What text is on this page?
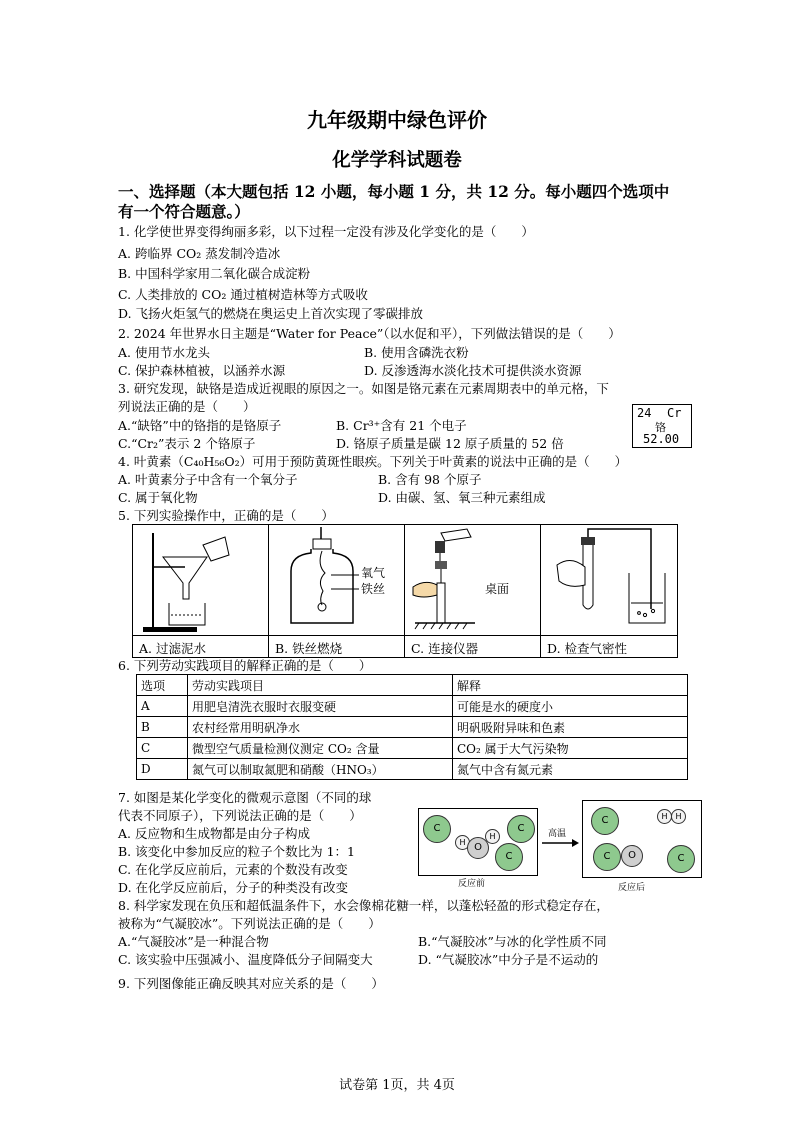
九年级期中绿色评价
化学学科试题卷
一、选择题（本大题包括 12 小题，每小题 1 分，共 12 分。每小题四个选项中
有一个符合题意。）
1. 化学使世界变得绚丽多彩，以下过程一定没有涉及化学变化的是（　　）
A. 跨临界 CO₂ 蒸发制冷造冰
B. 中国科学家用二氧化碳合成淀粉
C. 人类排放的 CO₂ 通过植树造林等方式吸收
D. 飞扬火炬氢气的燃烧在奥运史上首次实现了零碳排放
2. 2024 年世界水日主题是“Water for Peace”（以水促和平），下列做法错误的是（　　）
A. 使用节水龙头	B. 使用含磷洗衣粉
C. 保护森林植被，以涵养水源	D. 反渗透海水淡化技术可提供淡水资源
3. 研究发现，缺铬是造成近视眼的原因之一。如图是铬元素在元素周期表中的单元格，下
列说法正确的是（　　）
A.“缺铬”中的铬指的是铬原子	B. Cr³⁺含有 21 个电子
C.“Cr₂”表示 2 个铬原子	D. 铬原子质量是碳 12 原子质量的 52 倍
24 Cr
铬
52.00
4. 叶黄素（C₄₀H₅₆O₂）可用于预防黄斑性眼疾。下列关于叶黄素的说法中正确的是（　　）
A. 叶黄素分子中含有一个氧分子	B. 含有 98 个原子
C. 属于氧化物	D. 由碳、氢、氧三种元素组成
5. 下列实验操作中，正确的是（　　）
氧气
铁丝	桌面
A. 过滤泥水	B. 铁丝燃烧	C. 连接仪器	D. 检查气密性
6. 下列劳动实践项目的解释正确的是（　　）
选项	劳动实践项目	解释
A	用肥皂清洗衣服时衣服变硬	可能是水的硬度小
B	农村经常用明矾净水	明矾吸附异味和色素
C	微型空气质量检测仪测定 CO₂ 含量	CO₂ 属于大气污染物
D	氮气可以制取氮肥和硝酸（HNO₃）	氮气中含有氮元素
7. 如图是某化学变化的微观示意图（不同的球
代表不同原子），下列说法正确的是（　　）
A. 反应物和生成物都是由分子构成
B. 该变化中参加反应的粒子个数比为 1：1
C. 在化学反应前后，元素的个数没有改变
D. 在化学反应前后，分子的种类没有改变
C
H O
H
C
C
反应前
高温
C	H H
C	O	C
反应后
8. 科学家发现在负压和超低温条件下，水会像棉花糖一样，以蓬松轻盈的形式稳定存在，
被称为“气凝胶冰”。下列说法正确的是（　　）
A.“气凝胶冰”是一种混合物	B.“气凝胶冰”与冰的化学性质不同
C. 该实验中压强减小、温度降低分子间隔变大	D. “气凝胶冰”中分子是不运动的
9. 下列图像能正确反映其对应关系的是（　　）
试卷第 1页，共 4页
